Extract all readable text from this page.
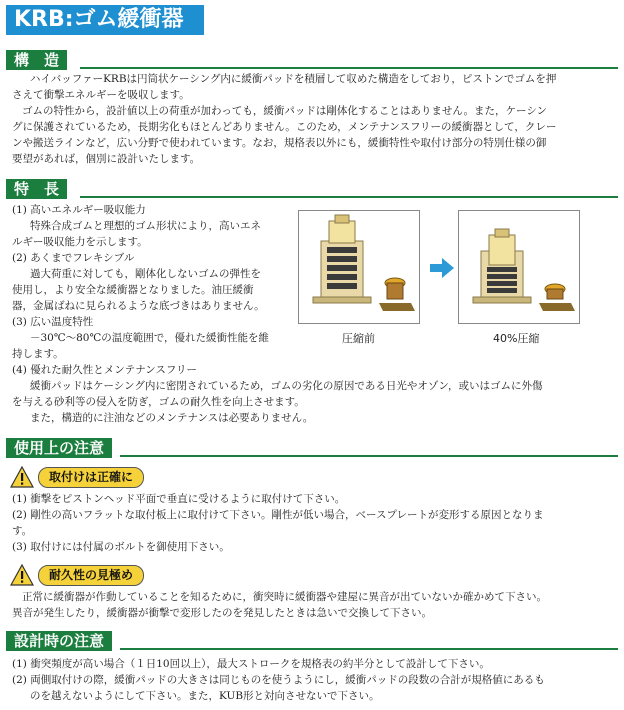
KRB:ゴム緩衝器
構　造
ハイバッファーKRBは円筒状ケーシング内に緩衝パッドを積層して収めた構造をしており，ピストンでゴムを押
さえて衝撃エネルギーを吸収します。
ゴムの特性から，設計値以上の荷重が加わっても，緩衝パッドは剛体化することはありません。また，ケーシン
グに保護されているため，長期劣化もほとんどありません。このため，メンテナンスフリーの緩衝器として，クレー
ンや搬送ラインなど，広い分野で使われています。なお，規格表以外にも，緩衝特性や取付け部分の特別仕様の御
要望があれば，個別に設計いたします。
特　長
(1) 高いエネルギー吸収能力
特殊合成ゴムと理想的ゴム形状により，高いエネ
ルギー吸収能力を示します。
(2) あくまでフレキシブル
過大荷重に対しても，剛体化しないゴムの弾性を
使用し，より安全な緩衝器となりました。油圧緩衝
器，金属ばねに見られるような底づきはありません。
(3) 広い温度特性
－30℃～80℃の温度範囲で，優れた緩衝性能を維
持します。
(4) 優れた耐久性とメンテナンスフリー
緩衝パッドはケーシング内に密閉されているため，ゴムの劣化の原因である日光やオゾン，或いはゴムに外傷
を与える砂利等の侵入を防ぎ，ゴムの耐久性を向上させます。
また，構造的に注油などのメンテナンスは必要ありません。
圧縮前	40%圧縮
使用上の注意
取付けは正確に
(1) 衝撃をピストンヘッド平面で垂直に受けるように取付けて下さい。
(2) 剛性の高いフラットな取付板上に取付けて下さい。剛性が低い場合，ベースプレートが変形する原因となりま
す。
(3) 取付けには付属のボルトを御使用下さい。
耐久性の見極め
正常に緩衝器が作動していることを知るために，衝突時に緩衝器や建屋に異音が出ていないか確かめて下さい。
異音が発生したり，緩衝器が衝撃で変形したのを発見したときは急いで交換して下さい。
設計時の注意
(1) 衝突頻度が高い場合（１日10回以上），最大ストロークを規格表の約半分として設計して下さい。
(2) 両側取付けの際，緩衝パッドの大きさは同じものを使うようにし，緩衝パッドの段数の合計が規格値にあるも
のを越えないようにして下さい。また，KUB形と対向させないで下さい。
